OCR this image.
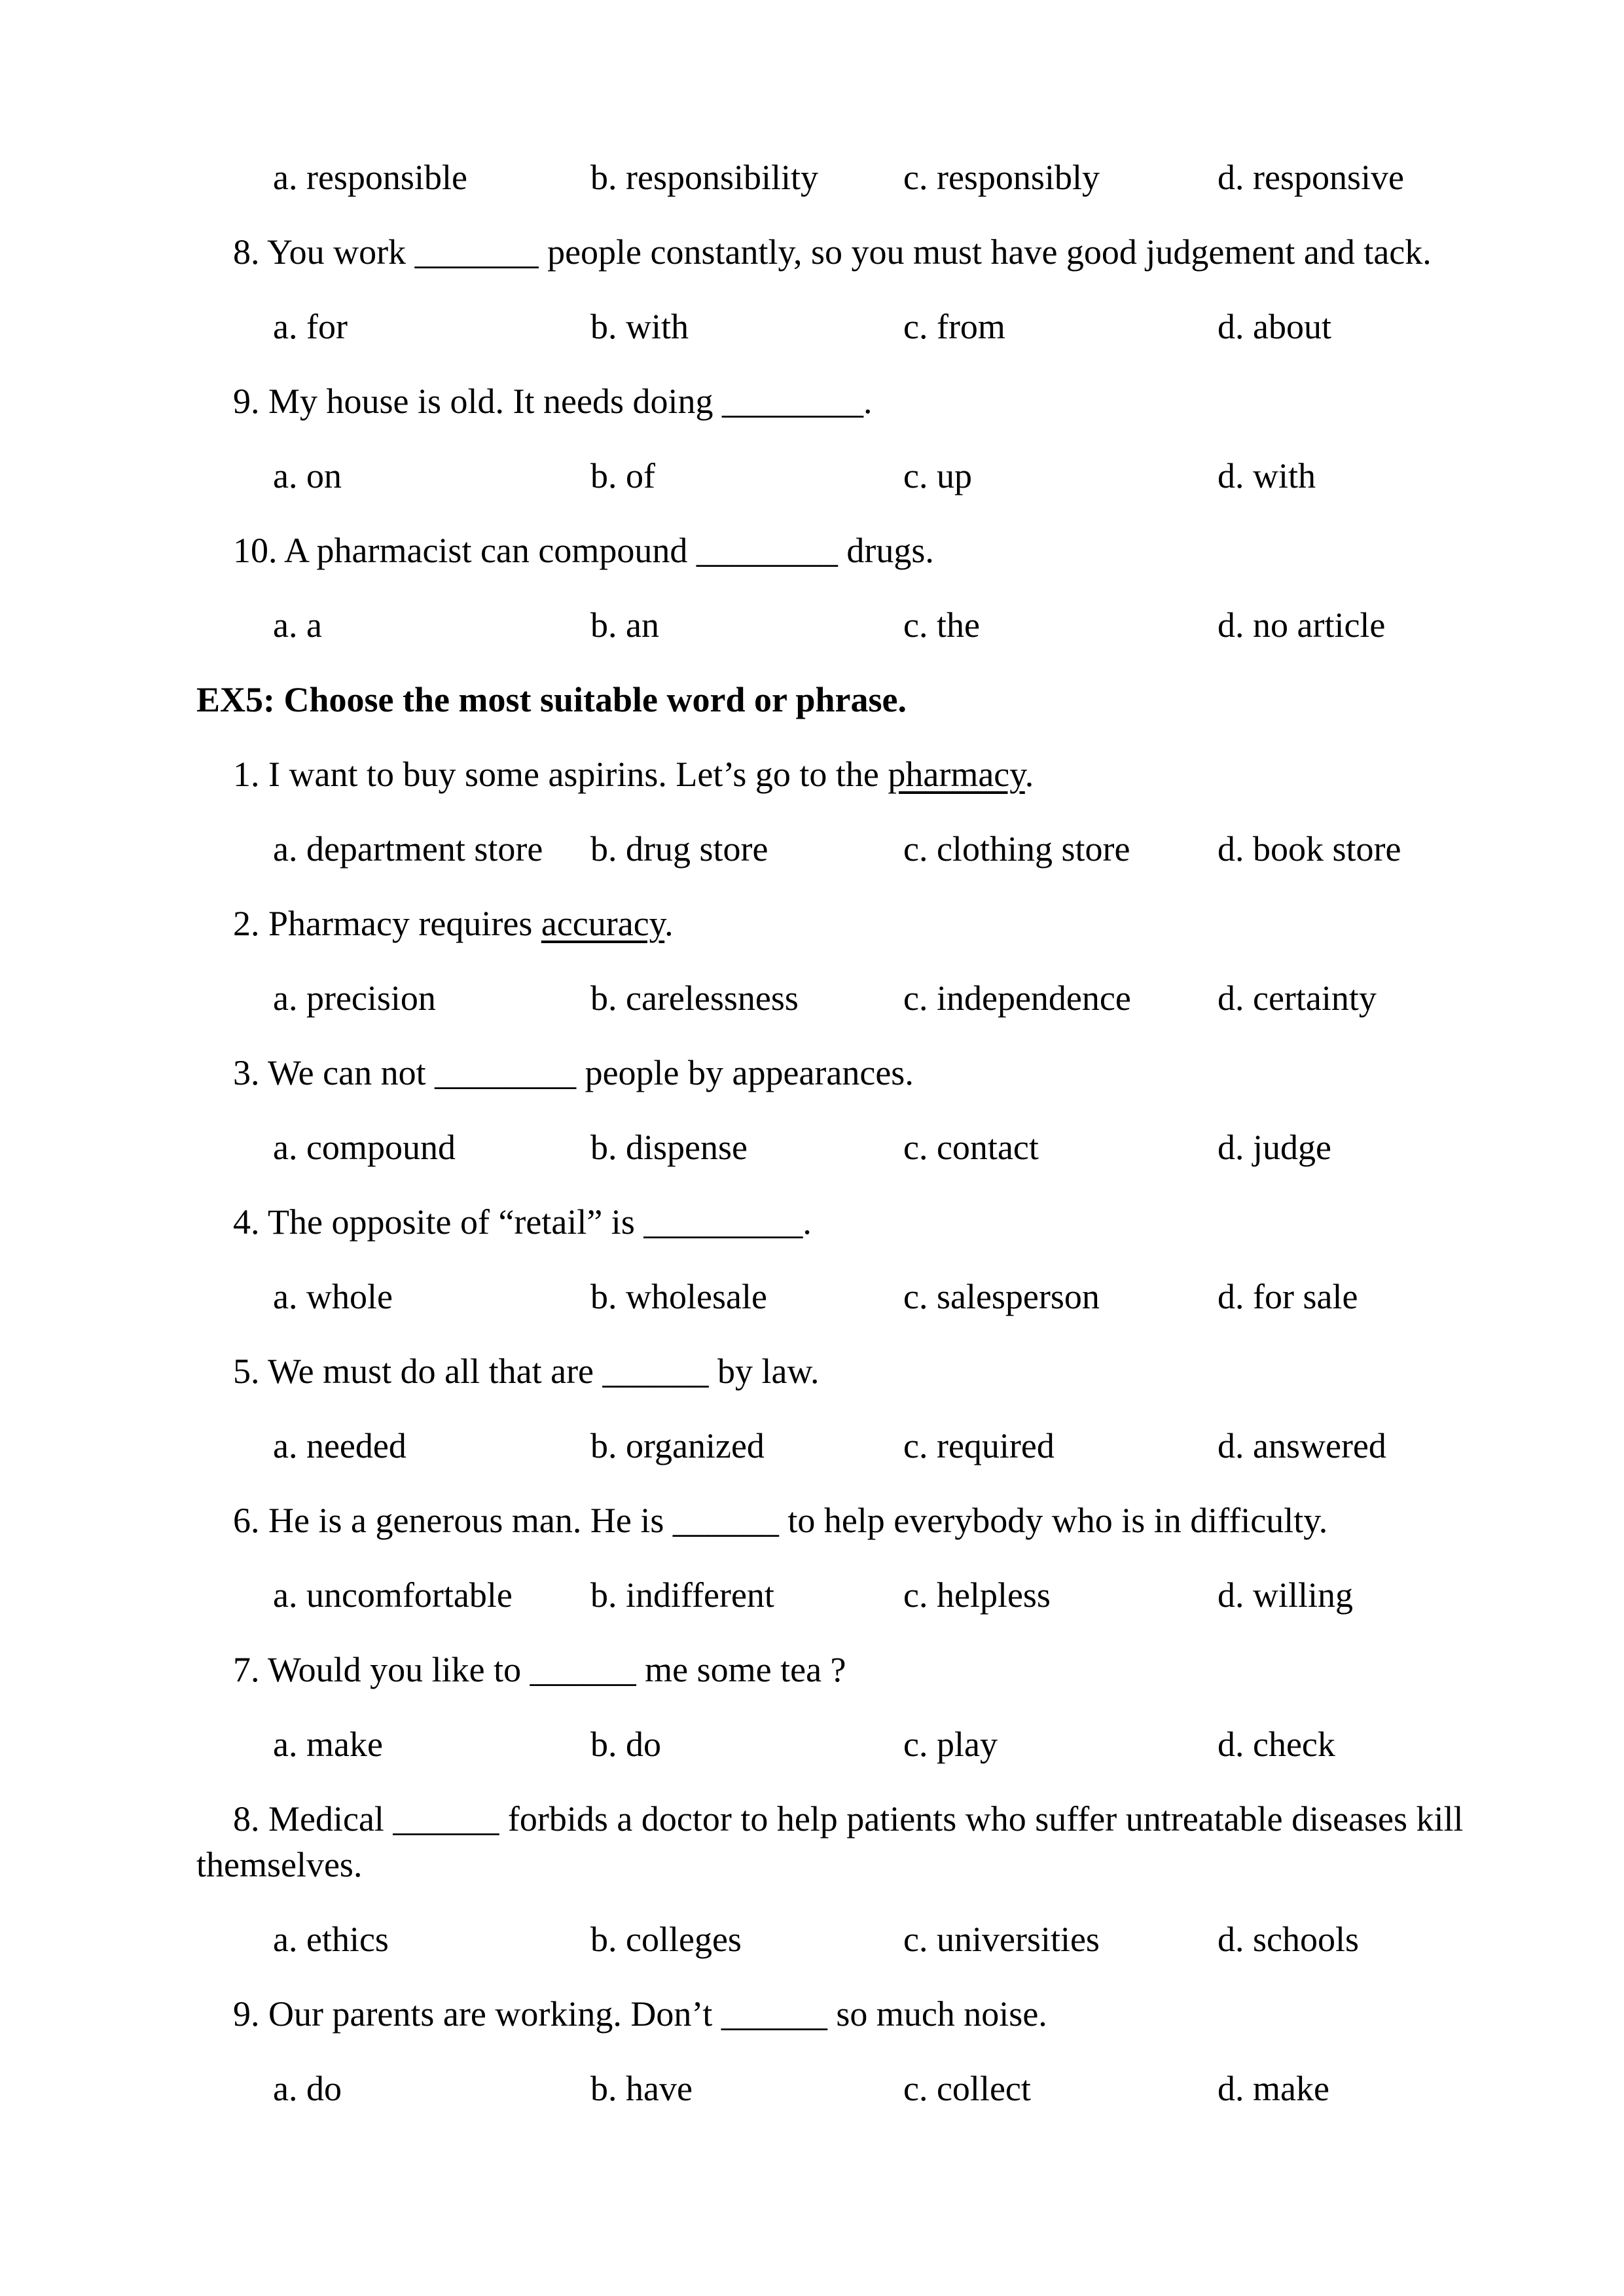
a. responsible	b. responsibility c. responsibly	d. responsive
8. You work _______ people constantly, so you must have good judgement and tack.
a. for	b. with	c. from	d. about
9. My house is old. It needs doing ________.
a. on	b. of	c. up	d. with
10. A pharmacist can compound ________ drugs.
a. a	b. an	c. the	d. no article
EX5: Choose the most suitable word or phrase.
1. I want to buy some aspirins. Let’s go to the pharmacy.
a. department store b. drug store	c. clothing store d. book store
2. Pharmacy requires accuracy.
a. precision	b. carelessness	c. independence d. certainty
3. We can not ________ people by appearances.
a. compound	b. dispense	c. contact	d. judge
4. The opposite of “retail” is _________.
a. whole	b. wholesale	c. salesperson	d. for sale
5. We must do all that are ______ by law.
a. needed	b. organized	c. required	d. answered
6. He is a generous man. He is ______ to help everybody who is in difficulty.
a. uncomfortable b. indifferent	c. helpless	d. willing
7. Would you like to ______ me some tea ?
a. make	b. do	c. play	d. check
8. Medical ______ forbids a doctor to help patients who suffer untreatable diseases kill themselves.
a. ethics	b. colleges	c. universities	d. schools
9. Our parents are working. Don’t ______ so much noise.
a. do	b. have	c. collect	d. make
